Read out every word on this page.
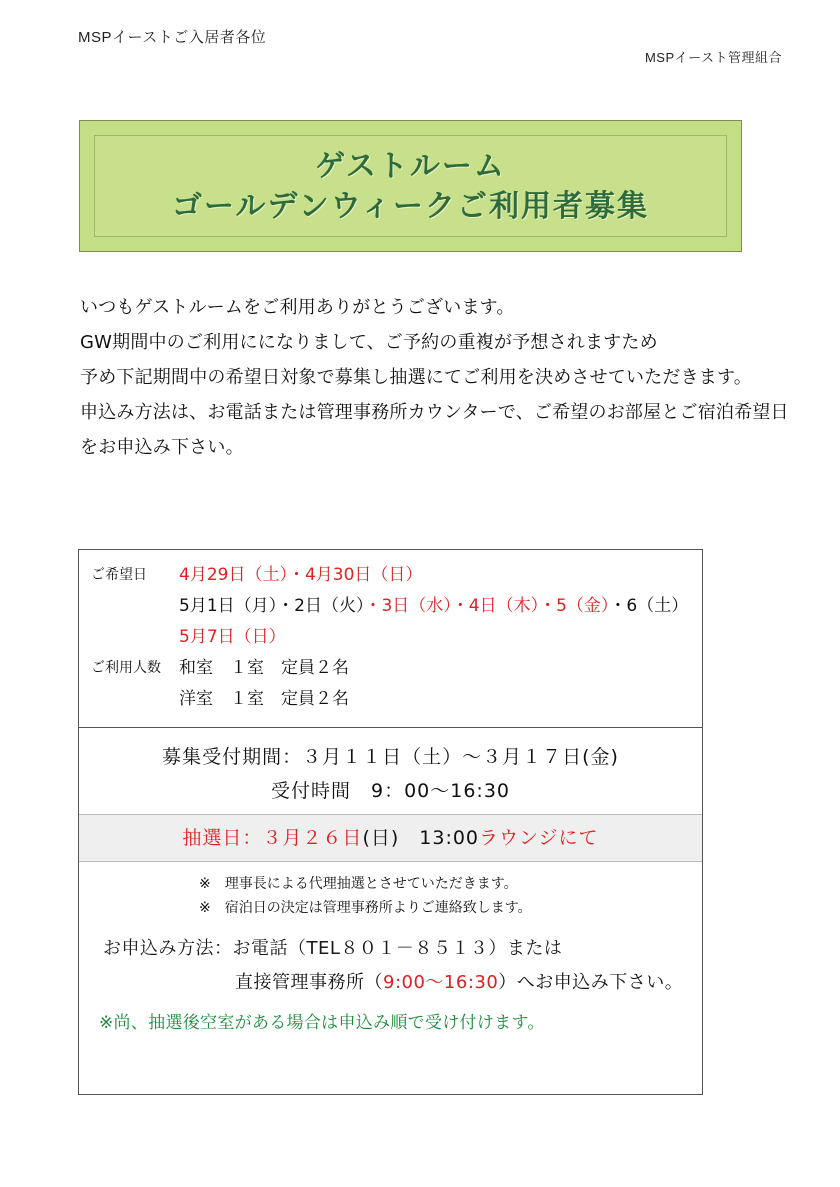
MSPイーストご入居者各位
MSPイースト管理組合
ゲストルーム
ゴールデンウィークご利用者募集
いつもゲストルームをご利用ありがとうございます。
GW期間中のご利用にになりまして、ご予約の重複が予想されますため
予め下記期間中の希望日対象で募集し抽選にてご利用を決めさせていただきます。
申込み方法は、お電話または管理事務所カウンターで、ご希望のお部屋とご宿泊希望日
をお申込み下さい。
ご希望日	4月29日（土）・4月30日（日）
5月1日（月）・2日（火）・3日（水）・4日（木）・5（金）・6（土）
5月7日（日）
ご利用人数	和室　１室　定員２名
洋室　１室　定員２名
募集受付期間：３月１１日（土）～３月１７日(金)
受付時間　9：00～16:30
抽選日：３月２６日(日)　13:00ラウンジにて
※　理事長による代理抽選とさせていただきます。
※　宿泊日の決定は管理事務所よりご連絡致します。
お申込み方法：お電話（TEL８０１－８５１３）または
直接管理事務所（9:00～16:30）へお申込み下さい。
※尚、抽選後空室がある場合は申込み順で受け付けます。
